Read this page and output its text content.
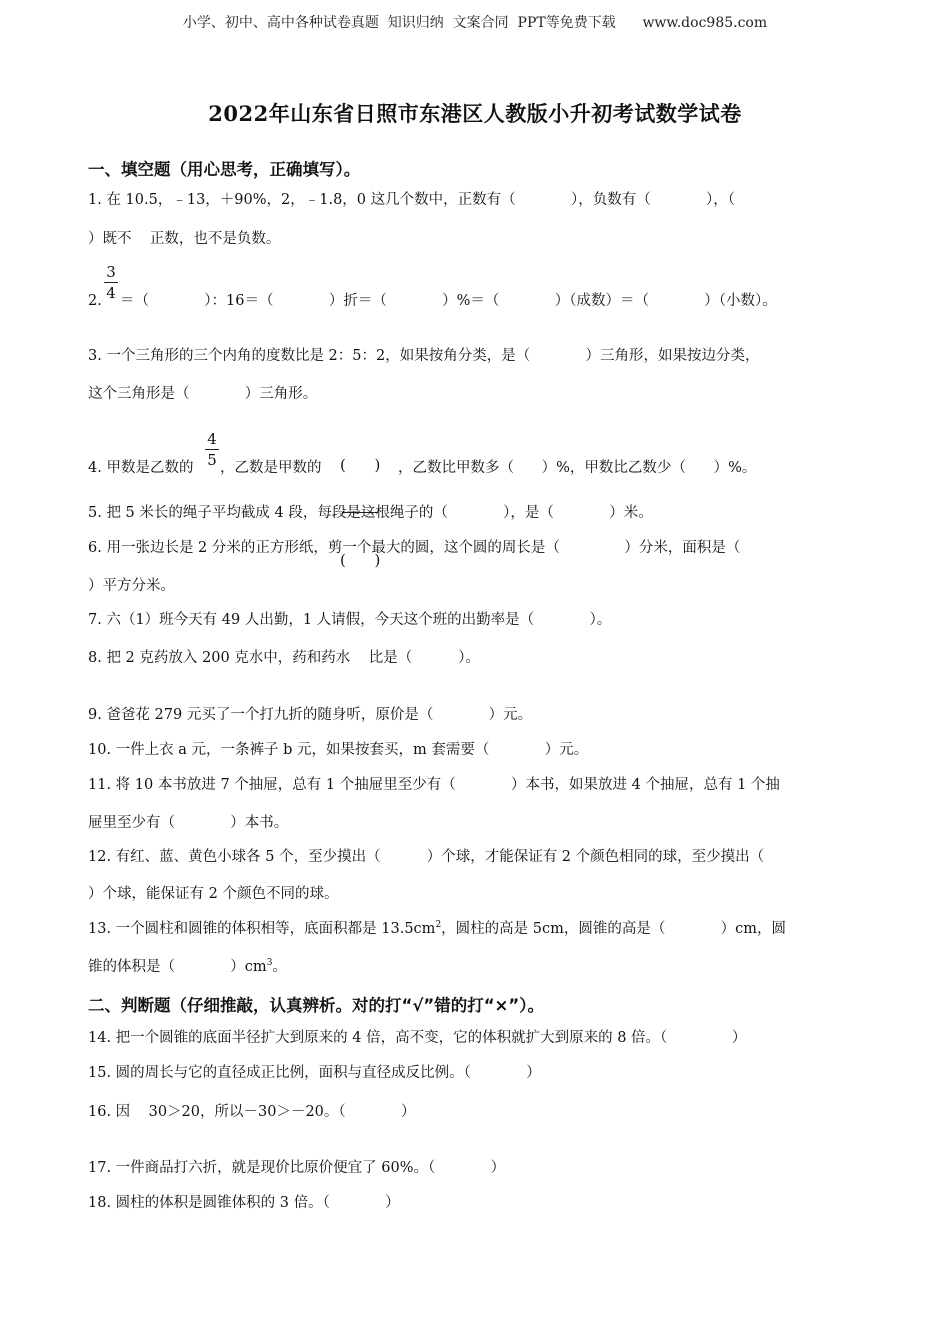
小学、初中、高中各种试卷真题  知识归纳  文案合同  PPT等免费下载      www.doc985.com
2022年山东省日照市东港区人教版小升初考试数学试卷
一、填空题（用心思考，正确填写）。
1. 在 10.5，﹣13，＋90%，2，﹣1.8，0 这几个数中，正数有（            ），负数有（            ），（
）既不    正数，也不是负数。
3
4
2. ＝（            ）：16＝（            ）折＝（            ）%＝（            ）（成数）＝（            ）（小数）。
3. 一个三角形的三个内角的度数比是 2：5：2，如果按角分类，是（            ）三角形，如果按边分类，
这个三角形是（            ）三角形。
4. 甲数是乙数的
4
5 ，乙数是甲数的

(      )

(      )

，乙数比甲数多（      ）%，甲数比乙数少（      ）%。
5. 把 5 米长的绳子平均截成 4 段，每段是这根绳子的（            ），是（            ）米。
6. 用一张边长是 2 分米的正方形纸，剪一个最大的圆，这个圆的周长是（              ）分米，面积是（
）平方分米。
7. 六（1）班今天有 49 人出勤，1 人请假，今天这个班的出勤率是（            ）。
8. 把 2 克药放入 200 克水中，药和药水    比是（          ）。
9. 爸爸花 279 元买了一个打九折的随身听，原价是（            ）元。
10. 一件上衣 a 元，一条裤子 b 元，如果按套买，m 套需要（            ）元。
11. 将 10 本书放进 7 个抽屉，总有 1 个抽屉里至少有（            ）本书，如果放进 4 个抽屉，总有 1 个抽
屉里至少有（            ）本书。
12. 有红、蓝、黄色小球各 5 个，至少摸出（          ）个球，才能保证有 2 个颜色相同的球，至少摸出（
）个球，能保证有 2 个颜色不同的球。
13. 一个圆柱和圆锥的体积相等，底面积都是 $13.5cm^2$，圆柱的高是 5cm，圆锥的高是（            ）cm，圆
锥的体积是（            ）$cm^3$。
二、判断题（仔细推敲，认真辨析。对的打“√”错的打“×”）。
14. 把一个圆锥的底面半径扩大到原来的 4 倍，高不变，它的体积就扩大到原来的 8 倍。（              ）
15. 圆的周长与它的直径成正比例，面积与直径成反比例。（            ）
16. 因    30＞20，所以－30＞－20。（            ）
17. 一件商品打六折，就是现价比原价便宜了 60%。（            ）
18. 圆柱的体积是圆锥体积的 3 倍。（            ）
